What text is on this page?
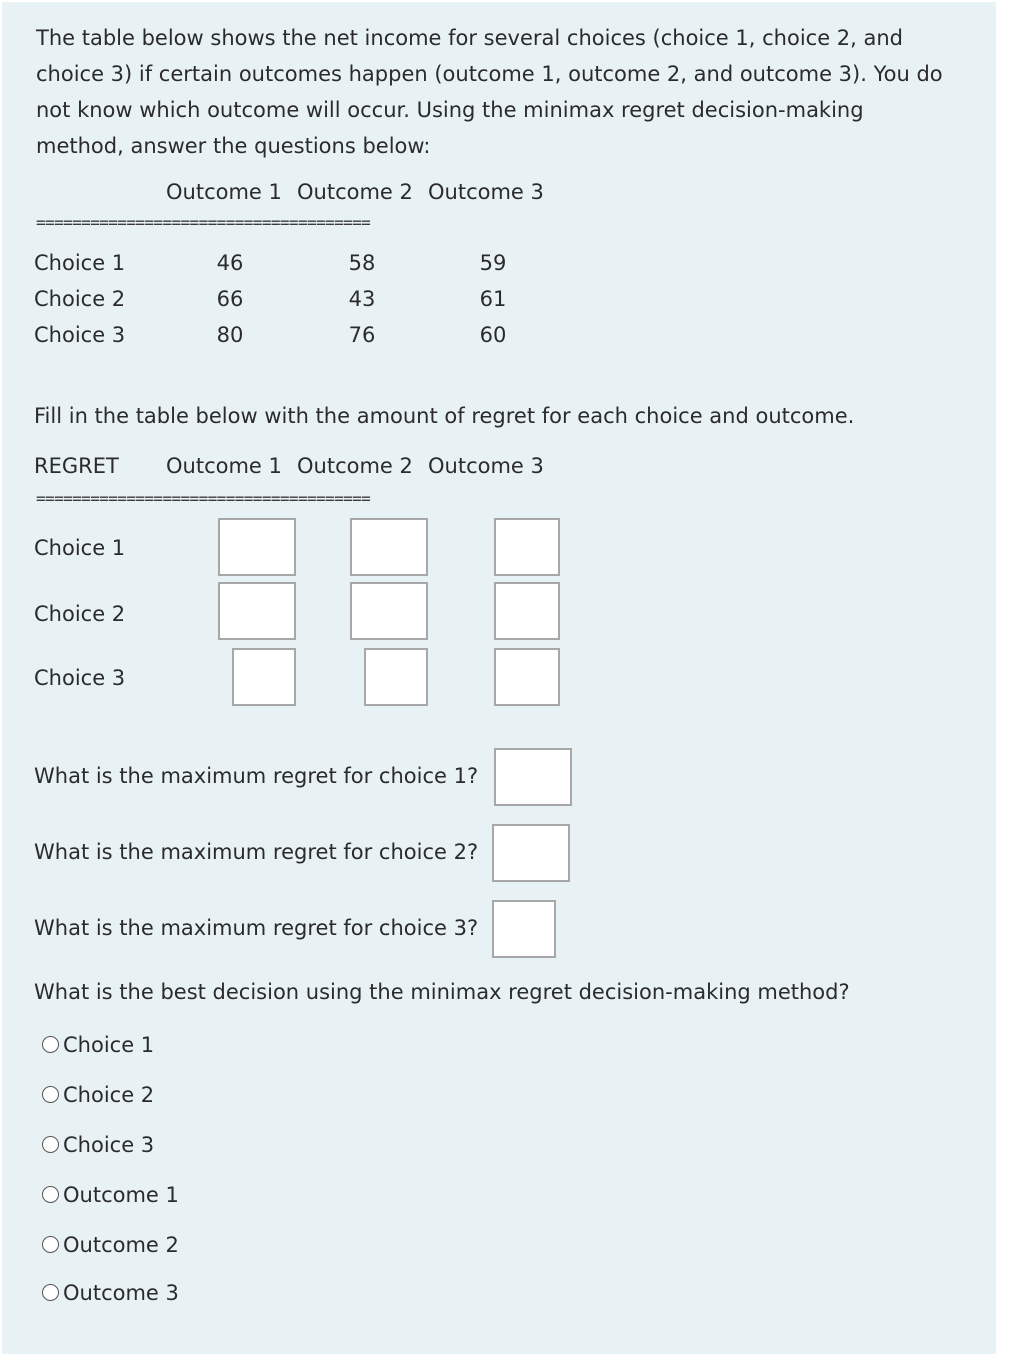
The table below shows the net income for several choices (choice 1, choice 2, and choice 3) if certain outcomes happen (outcome 1, outcome 2, and outcome 3). You do not know which outcome will occur. Using the minimax regret decision-making method, answer the questions below:
Outcome 1 Outcome 2 Outcome 3
=====================================
Choice 1	46	58	59
Choice 2	66	43	61
Choice 3	80	76	60
Fill in the table below with the amount of regret for each choice and outcome.
REGRET Outcome 1 Outcome 2 Outcome 3
=====================================
Choice 1
Choice 2
Choice 3
What is the maximum regret for choice 1?
What is the maximum regret for choice 2?
What is the maximum regret for choice 3?
What is the best decision using the minimax regret decision-making method?
Choice 1
Choice 2
Choice 3
Outcome 1
Outcome 2
Outcome 3
